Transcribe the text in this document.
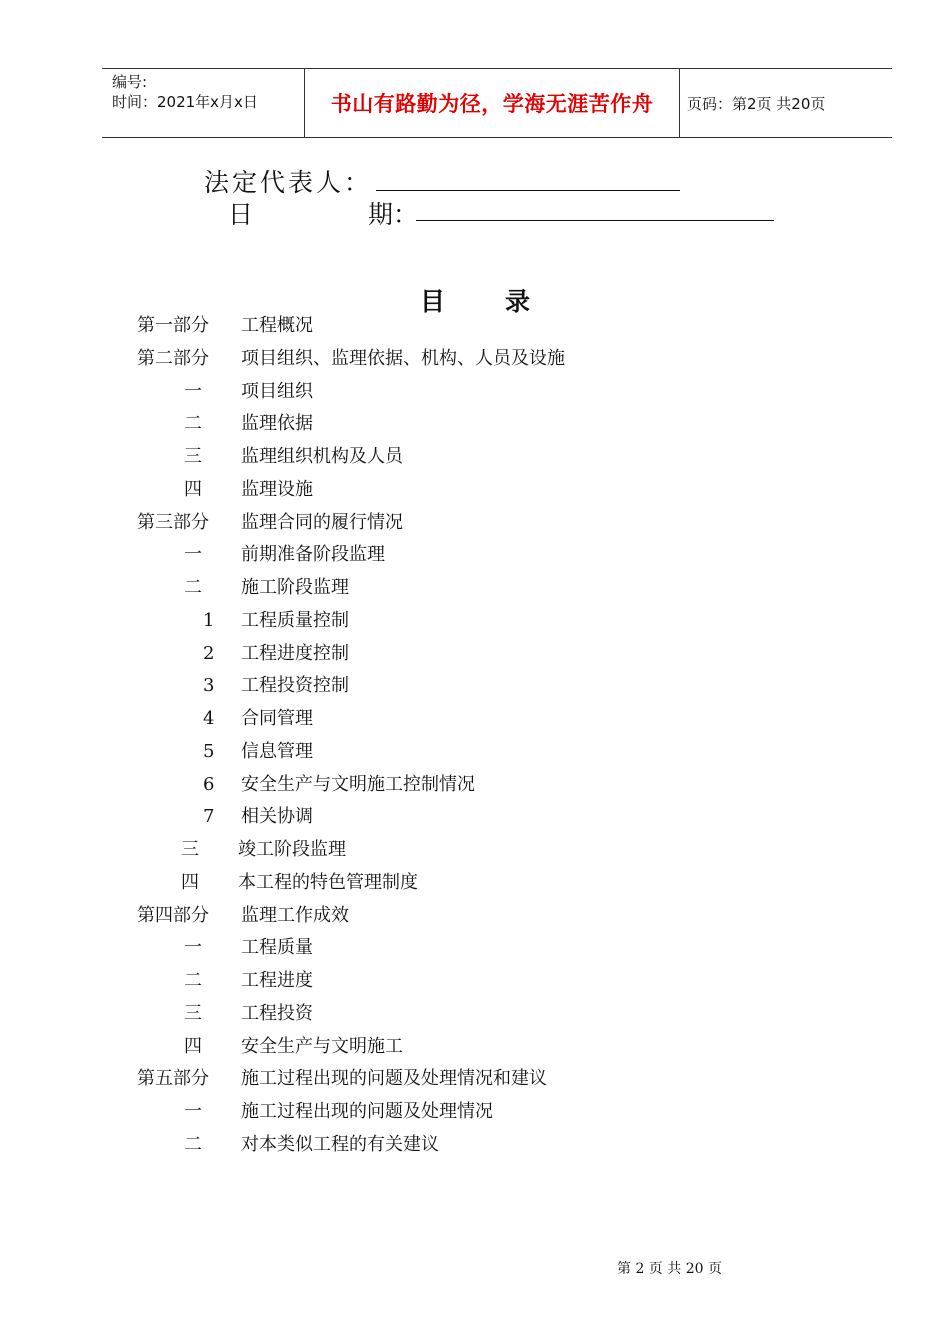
编号:
时间：2021年x月x日	书山有路勤为径，学海无涯苦作舟 页码：第2页 共20页
法定代表人：
日	期：
目录
第一部分 工程概况
第二部分 项目组织、监理依据、机构、人员及设施
一 项目组织
二 监理依据
三 监理组织机构及人员
四 监理设施
第三部分 监理合同的履行情况
一 前期准备阶段监理
二 施工阶段监理
1 工程质量控制
2 工程进度控制
3 工程投资控制
4 合同管理
5 信息管理
6 安全生产与文明施工控制情况
7 相关协调
三 竣工阶段监理
四 本工程的特色管理制度
第四部分 监理工作成效
一 工程质量
二 工程进度
三 工程投资
四 安全生产与文明施工
第五部分 施工过程出现的问题及处理情况和建议
一 施工过程出现的问题及处理情况
二 对本类似工程的有关建议
第 2 页 共 20 页
